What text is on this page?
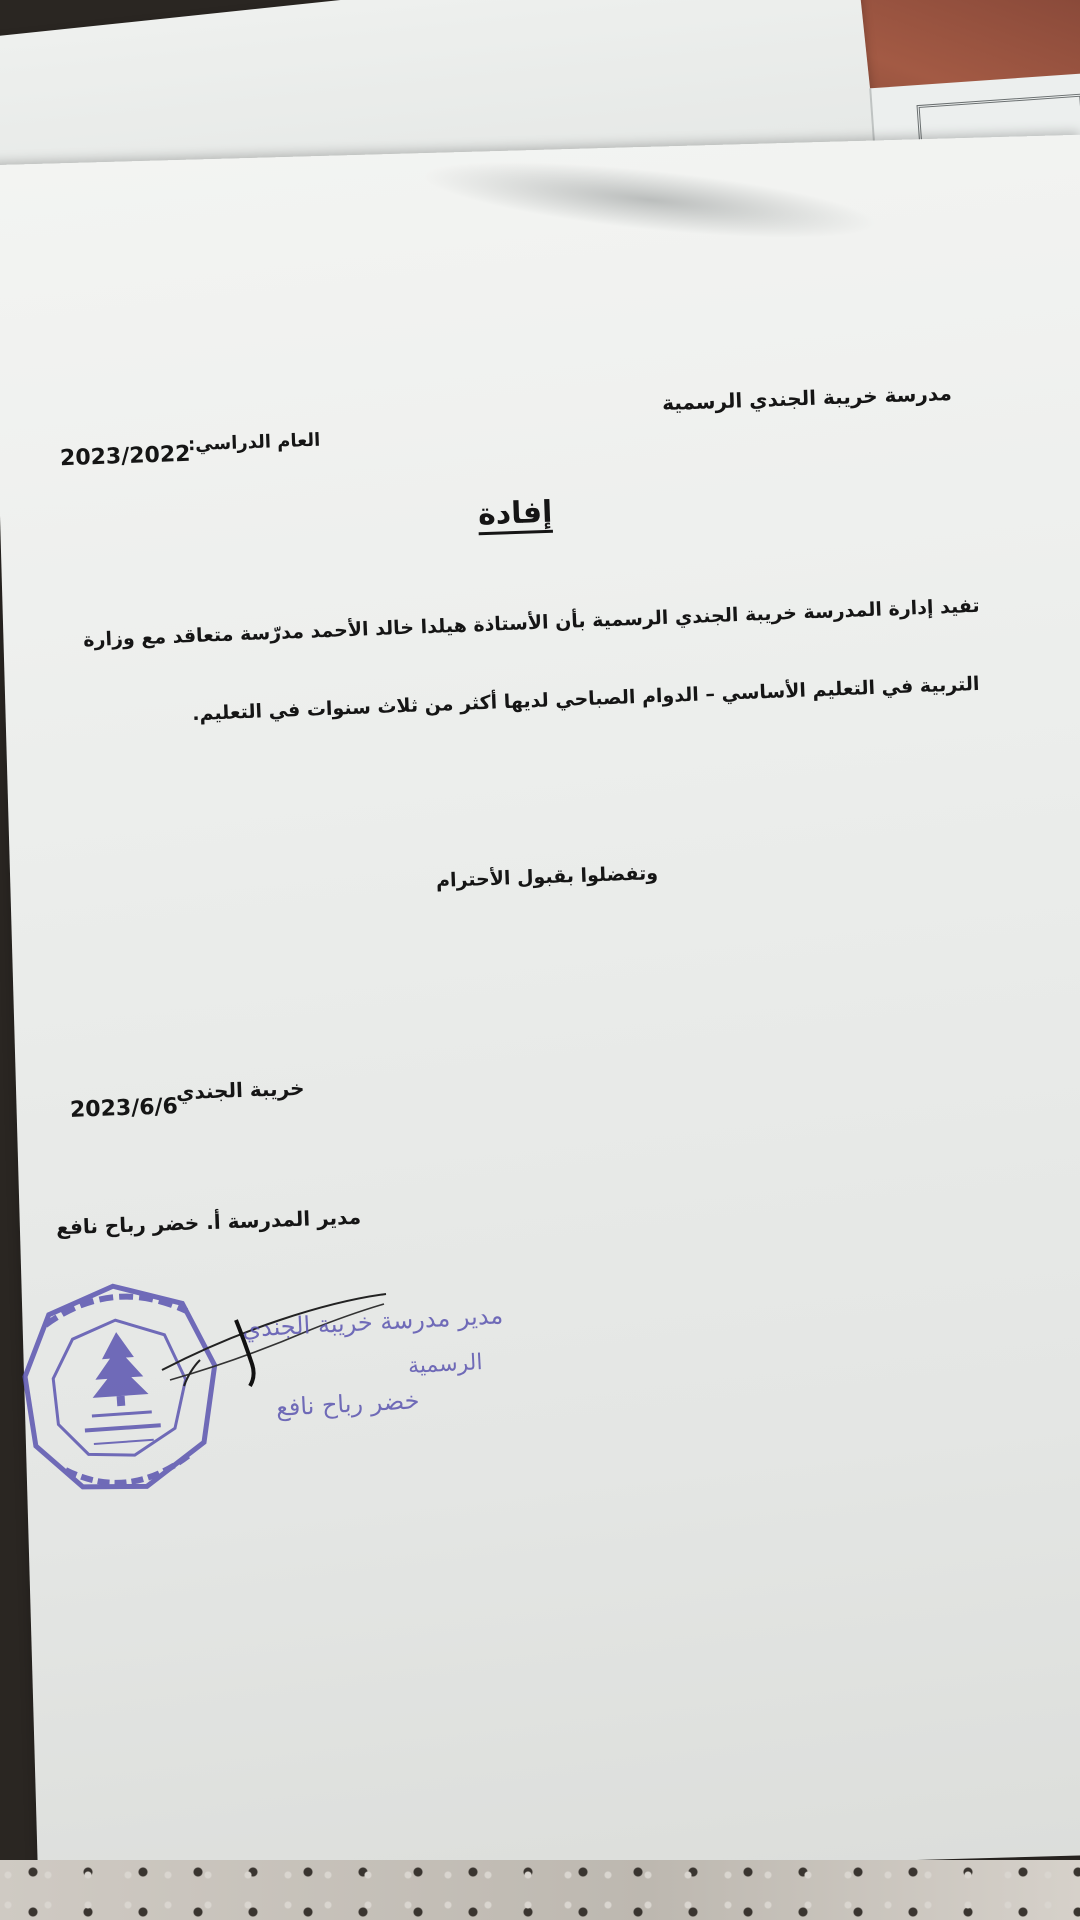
مدرسة خريبة الجندي الرسمية
العام الدراسي:
2023/2022
إفادة
تفيد إدارة المدرسة خريبة الجندي الرسمية بأن الأستاذة هيلدا خالد الأحمد مدرّسة متعاقد مع وزارة
التربية في التعليم الأساسي – الدوام الصباحي لديها أكثر من ثلاث سنوات في التعليم.
وتفضلوا بقبول الأحترام
خريبة الجندي
2023/6/6
مدير المدرسة أ. خضر رباح نافع
مدير مدرسة خريبة الجندي
الرسمية
خضر رباح نافع
